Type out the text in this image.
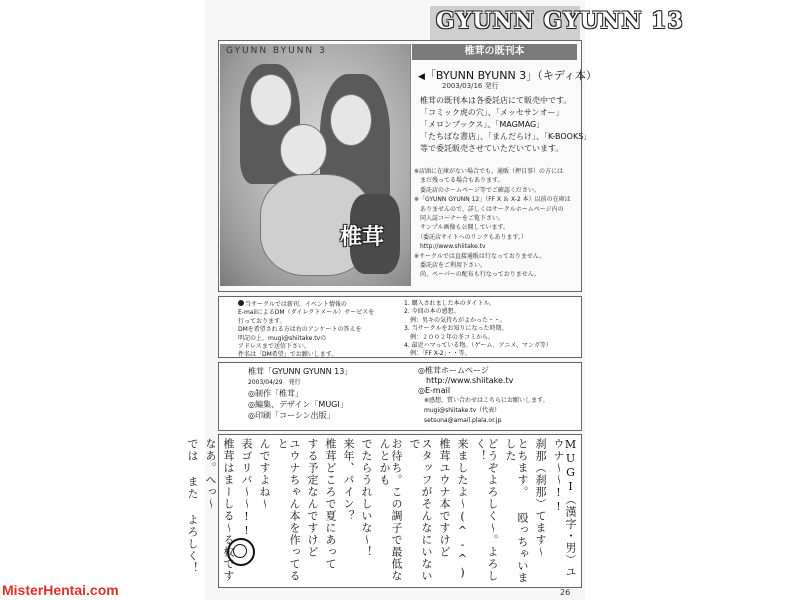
GYUNN GYUNN 13
GYUNN BYUNN 3
椎茸
椎茸の既刊本
◀「BYUNN BYUNN 3」（キディ本）
2003/03/16 発行
椎茸の既刊本は各委託店にて販売中です。
「コミック虎の穴」、「メッセサンオー」
「メロンブックス」、「MAGMAG」
「たちばな書店」、「まんだらけ」、「K-BOOKS」
等で委託販売させていただいています。
※店頭に在庫がない場合でも、通販（押目事）の方には
　まだ残ってる場合もあります。
　委託店のホームページ等でご確認ください。
※「GYUNN GYUNN 12」（FF X ＆ X-2 本）以前の在庫は
　ありませんので、詳しくはサークルホームページ内の
　同人誌コーナーをご覧下さい。
　サンプル画像も公開しています。
　（委託店サイトへのリンクもあります。）
　http://www.shiitake.tv
※サークルでは直接通販は行なっておりません。
　委託店をご利用下さい。
　尚、ペーパーの配布も行なっておりません。
当サークルでは新刊、イベント情報の
E-mailによるDM（ダイレクトメール）サービスを
行っております。
DMを希望される方は右のアンケートの答えを
明記の上、mugi@shiitake.tvの
アドレスまで送信下さい。
件名は「DM希望」でお願いします。
1. 購入されました本のタイトル。
2. 今回の本の感想。
　例：男キの気持ちがよかった・・。
3. 当サークルをお知りになった時期。
　例：２００２年の冬コミから。
4. 最近ハマっている物。（ゲーム、アニメ、マンガ等）
　例：「FF X-2」・・等。
椎茸「GYUNN GYUNN 13」
2003/04/29　発行
◎制作「椎茸」
◎編集、デザイン「MUGI」
◎印刷「コーシン出版」
◎椎茸ホームページ
　http://www.shiitake.tv
◎E-mail
　※感想、質い合わせはこちらにお願いします。
　mugi@shiitake.tv（代表）
　setsuna@amail.plala.or.jp
MUGI（漢字・男）ユウナ～～!!
刹那（刹那）てます～
とちます。 殴っちゃいました
どうぞよろしく～。よろしく！
来ましたよ～(^-^)
椎茸ユウナ本ですけど
スタッフがそんなにいないで
お待ち。この調子で最低なんとかも
でたらうれしいな～！
来年、パイン？
椎茸どころで夏にあって
する予定なんですけど
ユウナちゃん本を作ってると
んですよね～
表ゴリパ～～!!
椎茸はまーしる～る枚です
なあ。へっ～
では また よろしく！
26
MisterHentai.com
